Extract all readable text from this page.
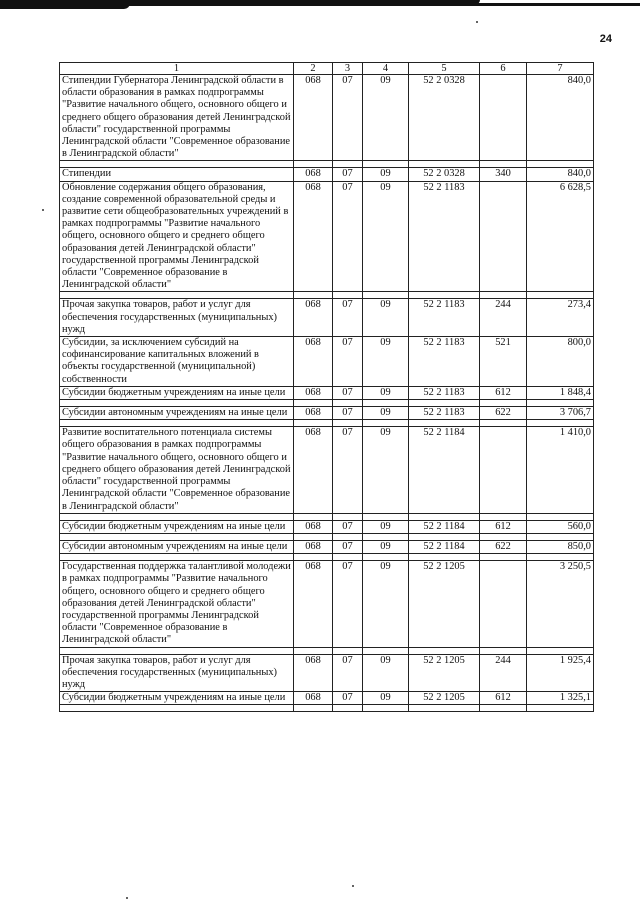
24
1	2	3	4	5	6	7
Стипендии Губернатора Ленинградской области в области образования в рамках подпрограммы "Развитие начального общего, основного общего и среднего общего образования детей Ленинградской области" государственной программы Ленинградской области "Современное образование в Ленинградской области"	068	07	09	52 2 0328		840,0

Стипендии	068	07	09	52 2 0328	340	840,0
Обновление содержания общего образования, создание современной образовательной среды и развитие сети общеобразовательных учреждений в рамках подпрограммы "Развитие начального общего, основного общего и среднего общего образования детей Ленинградской области" государственной программы Ленинградской области "Современное образование в Ленинградской области"	068	07	09	52 2 1183		6 628,5

Прочая закупка товаров, работ и услуг для обеспечения государственных (муниципальных) нужд	068	07	09	52 2 1183	244	273,4
Субсидии, за исключением субсидий на софинансирование капитальных вложений в объекты государственной (муниципальной) собственности	068	07	09	52 2 1183	521	800,0
Субсидии бюджетным учреждениям на иные цели	068	07	09	52 2 1183	612	1 848,4

Субсидии автономным учреждениям на иные цели	068	07	09	52 2 1183	622	3 706,7

Развитие воспитательного потенциала системы общего образования в рамках подпрограммы "Развитие начального общего, основного общего и среднего общего образования детей Ленинградской области" государственной программы Ленинградской области "Современное образование в Ленинградской области"	068	07	09	52 2 1184		1 410,0

Субсидии бюджетным учреждениям на иные цели	068	07	09	52 2 1184	612	560,0

Субсидии автономным учреждениям на иные цели	068	07	09	52 2 1184	622	850,0

Государственная поддержка талантливой молодежи в рамках подпрограммы "Развитие начального общего, основного общего и среднего общего образования детей Ленинградской области" государственной программы Ленинградской области "Современное образование в Ленинградской области"	068	07	09	52 2 1205		3 250,5

Прочая закупка товаров, работ и услуг для обеспечения государственных (муниципальных) нужд	068	07	09	52 2 1205	244	1 925,4
Субсидии бюджетным учреждениям на иные цели	068	07	09	52 2 1205	612	1 325,1
